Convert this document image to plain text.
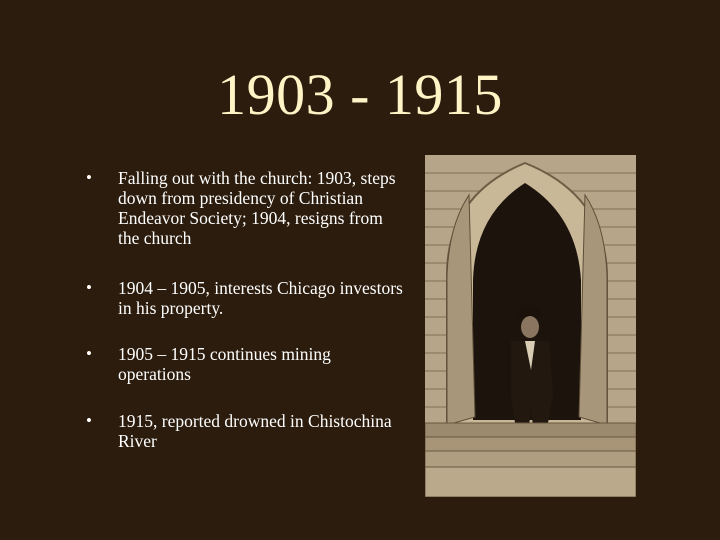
1903 - 1915
• Falling out with the church: 1903, steps down from presidency of Christian Endeavor Society; 1904, resigns from the church
• 1904 – 1905, interests Chicago investors in his property.
• 1905 – 1915 continues mining operations
• 1915, reported drowned in Chistochina River
